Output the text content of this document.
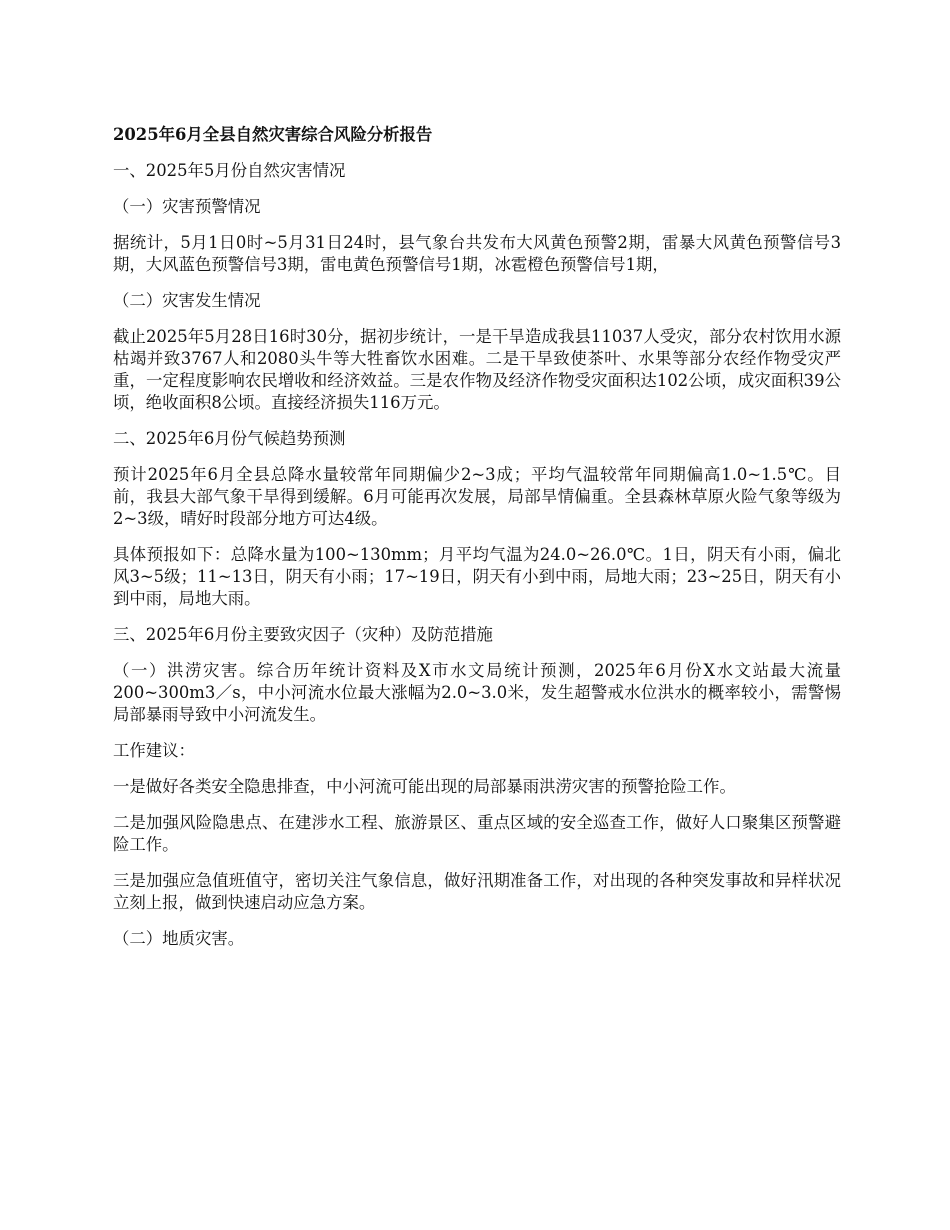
2025年6月全县自然灾害综合风险分析报告

一、2025年5月份自然灾害情况

（一）灾害预警情况

据统计，5月1日0时~5月31日24时，县气象台共发布大风黄色预警2期，雷暴大风黄色预警信号3期，大风蓝色预警信号3期，雷电黄色预警信号1期，冰雹橙色预警信号1期，

（二）灾害发生情况

截止2025年5月28日16时30分，据初步统计，一是干旱造成我县11037人受灾，部分农村饮用水源枯竭并致3767人和2080头牛等大牲畜饮水困难。二是干旱致使茶叶、水果等部分农经作物受灾严重，一定程度影响农民增收和经济效益。三是农作物及经济作物受灾面积达102公顷，成灾面积39公顷，绝收面积8公顷。直接经济损失116万元。

二、2025年6月份气候趋势预测

预计2025年6月全县总降水量较常年同期偏少2~3成；平均气温较常年同期偏高1.0~1.5℃。目前，我县大部气象干旱得到缓解。6月可能再次发展，局部旱情偏重。全县森林草原火险气象等级为2~3级，晴好时段部分地方可达4级。

具体预报如下：总降水量为100~130mm；月平均气温为24.0~26.0℃。1日，阴天有小雨，偏北风3~5级；11~13日，阴天有小雨；17~19日，阴天有小到中雨，局地大雨；23~25日，阴天有小到中雨，局地大雨。

三、2025年6月份主要致灾因子（灾种）及防范措施

（一）洪涝灾害。综合历年统计资料及X市水文局统计预测，2025年6月份X水文站最大流量200~300m3／s，中小河流水位最大涨幅为2.0~3.0米，发生超警戒水位洪水的概率较小，需警惕局部暴雨导致中小河流发生。

工作建议：

一是做好各类安全隐患排查，中小河流可能出现的局部暴雨洪涝灾害的预警抢险工作。

二是加强风险隐患点、在建涉水工程、旅游景区、重点区域的安全巡查工作，做好人口聚集区预警避险工作。

三是加强应急值班值守，密切关注气象信息，做好汛期准备工作，对出现的各种突发事故和异样状况立刻上报，做到快速启动应急方案。

（二）地质灾害。
